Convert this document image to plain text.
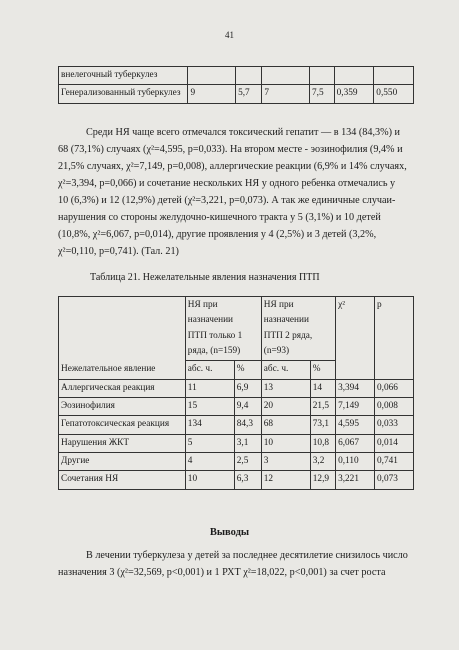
41
внелегочный туберкулез						
Генерализованный туберкулез	9	5,7	7	7,5	0,359	0,550
Среди НЯ чаще всего отмечался токсический гепатит — в 134 (84,3%) и
68 (73,1%) случаях (χ²=4,595, p=0,033). На втором месте - эозинофилия (9,4% и
21,5% случаях, χ²=7,149, p=0,008), аллергические реакции (6,9% и 14% случаях,
χ²=3,394, p=0,066) и сочетание нескольких НЯ у одного ребенка отмечались у
10 (6,3%) и 12 (12,9%) детей (χ²=3,221, p=0,073). А так же единичные случаи-
нарушения со стороны желудочно-кишечного тракта у 5 (3,1%) и 10 детей
(10,8%, χ²=6,067, p=0,014), другие проявления у 4 (2,5%) и 3 детей (3,2%,
χ²=0,110, p=0,741). (Тал. 21)
Таблица 21. Нежелательные явления назначения ПТП
Нежелательное явление	НЯ при
назначении
ПТП только 1
ряда, (n=159)		НЯ при
назначении
ПТП 2 ряда,
(n=93)		χ²	p
	абс. ч.	%	абс. ч.	%		
Аллергическая реакция	11	6,9	13	14	3,394	0,066
Эозинофилия	15	9,4	20	21,5	7,149	0,008
Гепатотоксическая реакция	134	84,3	68	73,1	4,595	0,033
Нарушения ЖКТ	5	3,1	10	10,8	6,067	0,014
Другие	4	2,5	3	3,2	0,110	0,741
Сочетания НЯ	10	6,3	12	12,9	3,221	0,073
Выводы
В лечении туберкулеза у детей за последнее десятилетие снизилось число
назначения 3 (χ²=32,569, p<0,001) и 1 РХТ χ²=18,022, p<0,001) за счет роста
